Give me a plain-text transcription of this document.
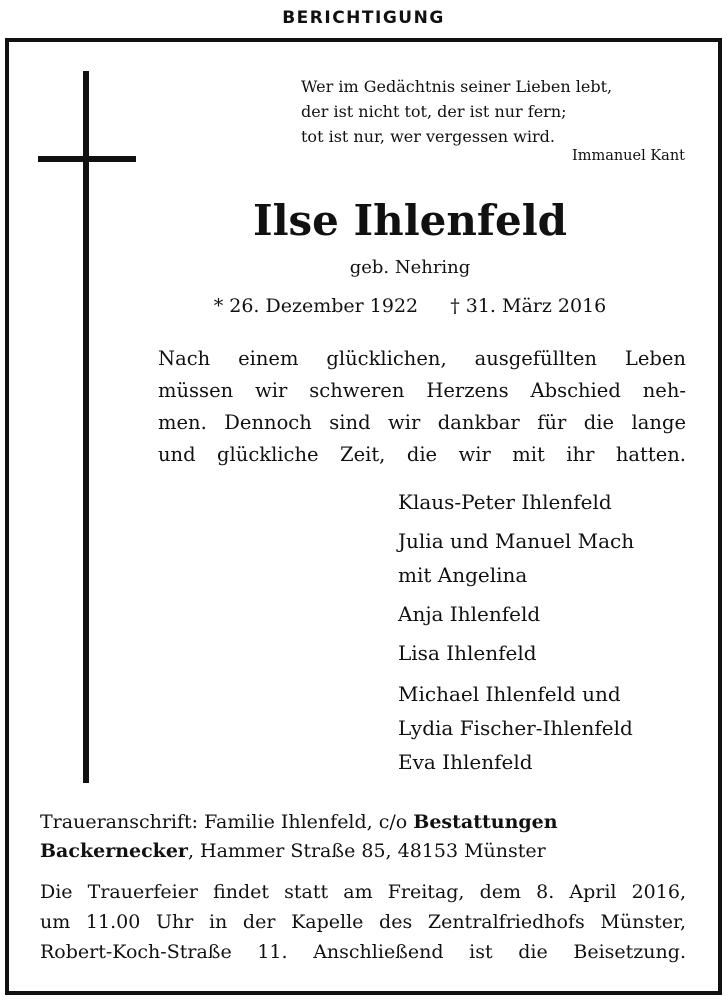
BERICHTIGUNG
Wer im Gedächtnis seiner Lieben lebt,
der ist nicht tot, der ist nur fern;
tot ist nur, wer vergessen wird.
Immanuel Kant
Ilse Ihlenfeld
geb. Nehring
* 26. Dezember 1922 † 31. März 2016
Nach einem glücklichen, ausgefüllten Leben
müssen wir schweren Herzens Abschied neh-
men. Dennoch sind wir dankbar für die lange
und glückliche Zeit, die wir mit ihr hatten.
Klaus-Peter Ihlenfeld
Julia und Manuel Mach
mit Angelina
Anja Ihlenfeld
Lisa Ihlenfeld
Michael Ihlenfeld und
Lydia Fischer-Ihlenfeld
Eva Ihlenfeld
Traueranschrift: Familie Ihlenfeld, c/o Bestattungen
Backernecker, Hammer Straße 85, 48153 Münster
Die Trauerfeier findet statt am Freitag, dem 8. April 2016,
um 11.00 Uhr in der Kapelle des Zentralfriedhofs Münster,
Robert-Koch-Straße 11. Anschließend ist die Beisetzung.
